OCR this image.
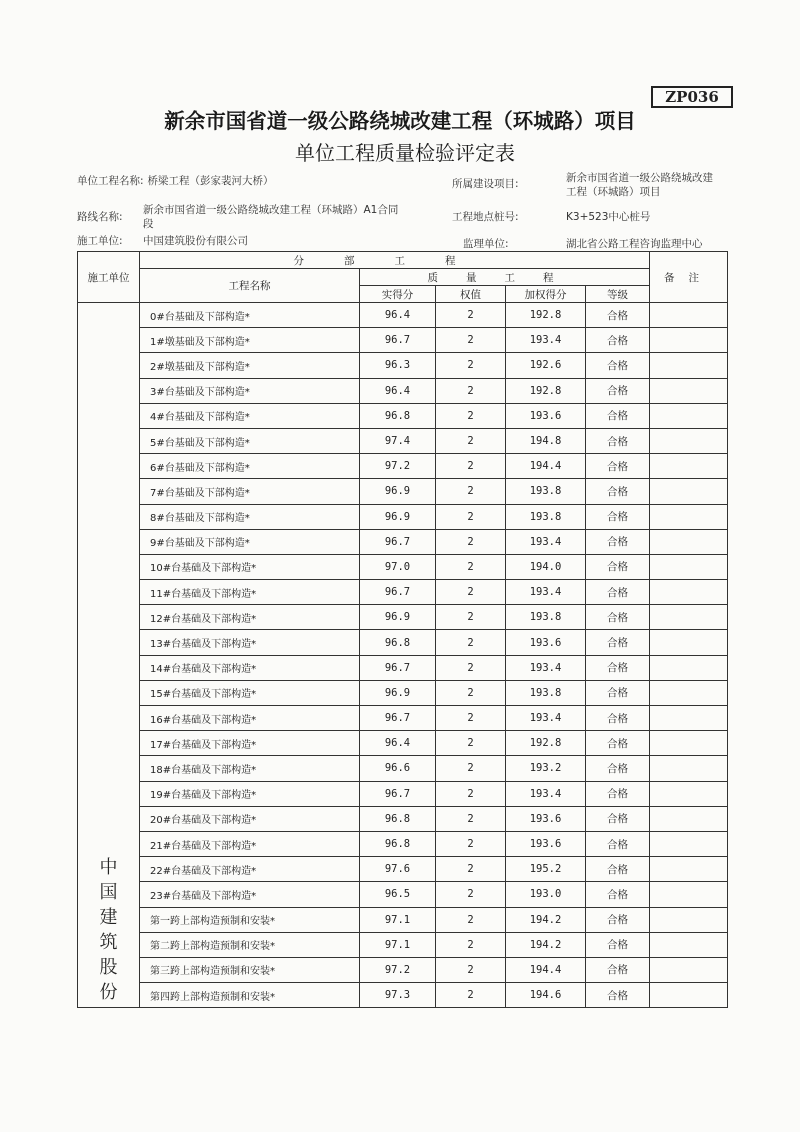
ZP036
新余市国省道一级公路绕城改建工程（环城路）项目
单位工程质量检验评定表
单位工程名称: 桥梁工程（彭家裴河大桥）	所属建设项目:	新余市国省道一级公路绕城改建
工程（环城路）项目
路线名称:
新余市国省道一级公路绕城改建工程（环城路）A1合同
段
工程地点桩号:	K3+523中心桩号
施工单位: 中国建筑股份有限公司	监理单位:	湖北省公路工程咨询监理中心
施工单位	分部工程					备注
	工程名称	质量工程				
		实得分	权值	加权得分	等级	

中国建筑股份	0#台基础及下部构造*	96.4	2	192.8	合格	
	1#墩基础及下部构造*	96.7	2	193.4	合格	
	2#墩基础及下部构造*	96.3	2	192.6	合格	
	3#台基础及下部构造*	96.4	2	192.8	合格	
	4#台基础及下部构造*	96.8	2	193.6	合格	
	5#台基础及下部构造*	97.4	2	194.8	合格	
	6#台基础及下部构造*	97.2	2	194.4	合格	
	7#台基础及下部构造*	96.9	2	193.8	合格	
	8#台基础及下部构造*	96.9	2	193.8	合格	
	9#台基础及下部构造*	96.7	2	193.4	合格	
	10#台基础及下部构造*	97.0	2	194.0	合格	
	11#台基础及下部构造*	96.7	2	193.4	合格	
	12#台基础及下部构造*	96.9	2	193.8	合格	
	13#台基础及下部构造*	96.8	2	193.6	合格	
	14#台基础及下部构造*	96.7	2	193.4	合格	
	15#台基础及下部构造*	96.9	2	193.8	合格	
	16#台基础及下部构造*	96.7	2	193.4	合格	
	17#台基础及下部构造*	96.4	2	192.8	合格	
	18#台基础及下部构造*	96.6	2	193.2	合格	
	19#台基础及下部构造*	96.7	2	193.4	合格	
	20#台基础及下部构造*	96.8	2	193.6	合格	
	21#台基础及下部构造*	96.8	2	193.6	合格	
	22#台基础及下部构造*	97.6	2	195.2	合格	
	23#台基础及下部构造*	96.5	2	193.0	合格	
	第一跨上部构造预制和安装*	97.1	2	194.2	合格	
	第二跨上部构造预制和安装*	97.1	2	194.2	合格	
	第三跨上部构造预制和安装*	97.2	2	194.4	合格	
	第四跨上部构造预制和安装*	97.3	2	194.6	合格	
